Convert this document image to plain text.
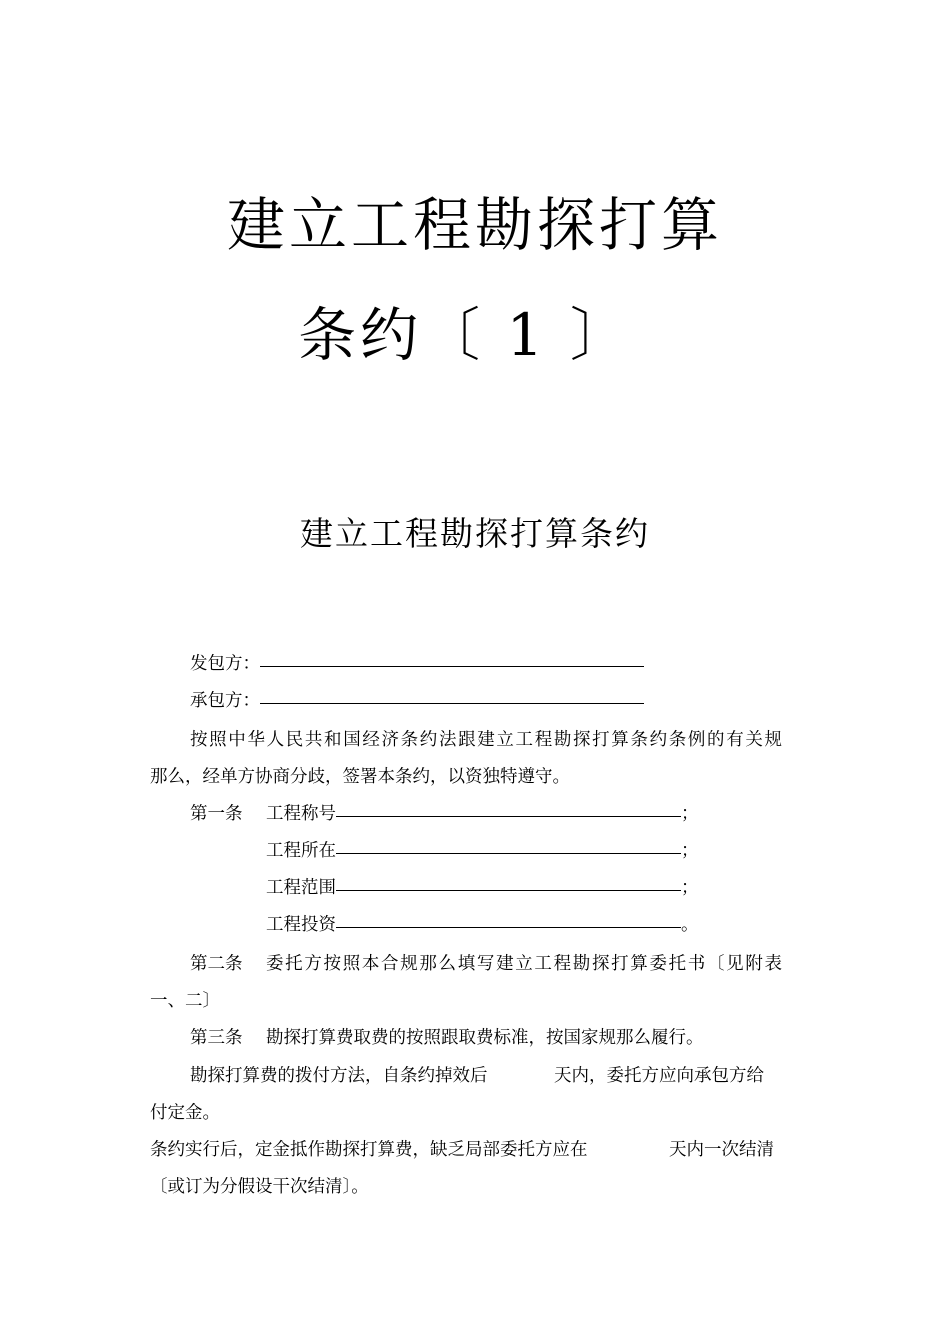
建立工程勘探打算
条约〔 1 〕
建立工程勘探打算条约
发包方：
承包方：
按照中华人民共和国经济条约法跟建立工程勘探打算条约条例的有关规
那么，经单方协商分歧，签署本条约，以资独特遵守。
第一条 工程称号	；
工程所在	；
工程范围	；
工程投资	。
第二条 委托方按照本合规那么填写建立工程勘探打算委托书〔见附表
一、二〕
第三条 勘探打算费取费的按照跟取费标准，按国家规那么履行。
勘探打算费的拨付方法，自条约掉效后	天内，委托方应向承包方给
付定金。
条约实行后，定金抵作勘探打算费，缺乏局部委托方应在	天内一次结清
〔或订为分假设干次结清〕。
